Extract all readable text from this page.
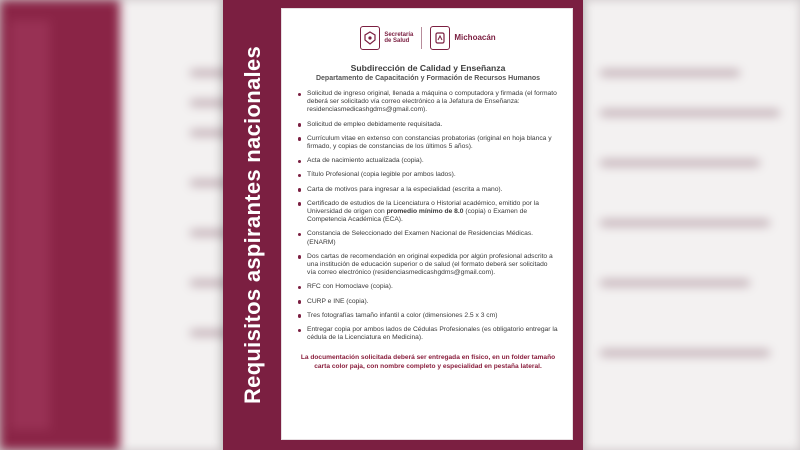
Requisitos aspirantes nacionales
Secretaría
de Salud	Michoacán
Subdirección de Calidad y Enseñanza
Departamento de Capacitación y Formación de Recursos Humanos
Solicitud de ingreso original, llenada a máquina o computadora y firmada (el formato deberá ser solicitado vía correo electrónico a la Jefatura de Enseñanza: residenciasmedicashgdms@gmail.com).
Solicitud de empleo debidamente requisitada.
Currículum vitae en extenso con constancias probatorias (original en hoja blanca y firmado, y copias de constancias de los últimos 5 años).
Acta de nacimiento actualizada (copia).
Título Profesional (copia legible por ambos lados).
Carta de motivos para ingresar a la especialidad (escrita a mano).
Certificado de estudios de la Licenciatura o Historial académico, emitido por la Universidad de origen con promedio mínimo de 8.0 (copia) o Examen de Competencia Académica (ECA).
Constancia de Seleccionado del Examen Nacional de Residencias Médicas.(ENARM)
Dos cartas de recomendación en original expedida por algún profesional adscrito a una institución de educación superior o de salud (el formato deberá ser solicitado vía correo electrónico (residenciasmedicashgdms@gmail.com).
RFC con Homoclave (copia).
CURP e INE (copia).
Tres fotografías tamaño infantil a color (dimensiones 2.5 x 3 cm)
Entregar copia por ambos lados de Cédulas Profesionales (es obligatorio entregar la cédula de la Licenciatura en Medicina).
La documentación solicitada deberá ser entregada en físico, en un folder tamaño carta color paja, con nombre completo y especialidad en pestaña lateral.
